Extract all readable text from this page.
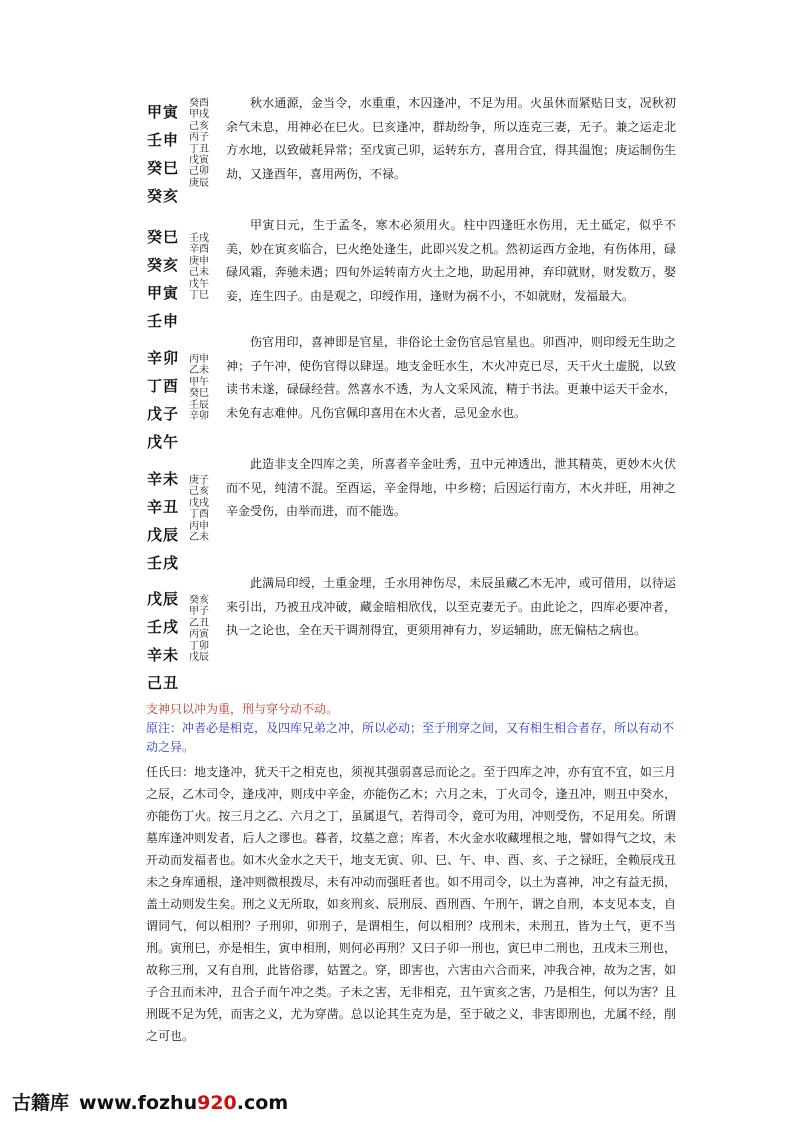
甲寅
壬申
癸巳
癸亥
癸酉
甲戌
己亥
丙子
丁丑
戊寅
己卯
庚辰

秋水通源，金当令，水重重，木囚逢冲，不足为用。火虽休而紧贴日支，况秋初余气未息，用神必在巳火。巳亥逢冲，群劫纷争，所以连克三妻，无子。兼之运走北方水地，以致破耗异常；至戊寅己卯，运转东方，喜用合宜，得其温饱；庚运制伤生劫，又逢酉年，喜用两伤，不禄。

癸巳
癸亥
甲寅
壬申
壬戌
辛酉
庚申
己未
戊午
丁巳

甲寅日元，生于孟冬，寒木必须用火。柱中四逢旺水伤用，无土砥定，似乎不美，妙在寅亥临合，巳火绝处逢生，此即兴发之机。然初运西方金地，有伤体用，碌碌风霜，奔驰未遇；四旬外运转南方火土之地，助起用神，弃印就财，财发数万，娶妾，连生四子。由是观之，印绶作用，逢财为祸不小，不如就财，发福最大。

辛卯
丁酉
戊子
戊午
丙申
乙未
甲午
癸巳
壬辰
辛卯

伤官用印，喜神即是官星，非俗论土金伤官忌官星也。卯酉冲，则印绶无生助之神；子午冲，使伤官得以肆逞。地支金旺水生，木火冲克已尽，天干火土虚脱，以致读书未遂，碌碌经营。然喜水不透，为人文采风流，精于书法。更兼中运天干金水，未免有志难伸。凡伤官佩印喜用在木火者，忌见金水也。

辛未
辛丑
戊辰
壬戌
庚子
己亥
戊戌
丁酉
丙申
乙未

此造非支全四库之美，所喜者辛金吐秀，丑中元神透出，泄其精英，更妙木火伏而不见，纯清不混。至酉运，辛金得地，中乡榜；后因运行南方，木火并旺，用神之辛金受伤，由举而进，而不能选。

戊辰
壬戌
辛未
己丑
癸亥
甲子
乙丑
丙寅
丁卯
戊辰

此满局印绶，土重金埋，壬水用神伤尽，未辰虽藏乙木无冲，或可借用，以待运来引出，乃被丑戌冲破，藏金暗相欣伐，以至克妻无子。由此论之，四库必要冲者，执一之论也，全在天干调剂得宜，更须用神有力，岁运辅助，庶无偏枯之病也。

支神只以冲为重，刑与穿兮动不动。

原注：冲者必是相克，及四库兄弟之冲，所以必动；至于刑穿之间，又有相生相合者存，所以有动不动之异。

任氏曰：地支逢冲，犹天干之相克也，须视其强弱喜忌而论之。至于四库之冲，亦有宜不宜，如三月之辰，乙木司令，逢戌冲，则戌中辛金，亦能伤乙木；六月之未，丁火司令，逢丑冲，则丑中癸水，亦能伤丁火。按三月之乙、六月之丁，虽属退气，若得司令，竟可为用，冲则受伤，不足用矣。所谓墓库逢冲则发者，后人之谬也。暮者，坟墓之意；库者，木火金水收藏埋根之地，譬如得气之坟，未开动而发福者也。如木火金水之天干，地支无寅、卯、巳、午、申、酉、亥、子之禄旺，全赖辰戌丑未之身库通根，逢冲则微根拨尽，未有冲动而强旺者也。如不用司令，以土为喜神，冲之有益无损，盖土动则发生矣。刑之义无所取，如亥刑亥、辰刑辰、酉刑酉、午刑午，谓之自刑，本支见本支，自谓同气，何以相刑？子刑卯，卯刑子，是谓相生，何以相刑？戌刑未，未刑丑，皆为土气，更不当刑。寅刑巳，亦是相生，寅申相刑，则何必再刑？又曰子卯一刑也，寅巳申二刑也，丑戌未三刑也，故称三刑，又有自刑，此皆俗谬，姑置之。穿，即害也，六害由六合而来，冲我合神，故为之害，如子合丑而未冲，丑合子而午冲之类。子未之害，无非相克，丑午寅亥之害，乃是相生，何以为害？且刑既不足为凭，而害之义，尤为穿凿。总以论其生克为是，至于破之义，非害即刑也，尤属不经，削之可也。

古籍库 www.fozhu920.com
